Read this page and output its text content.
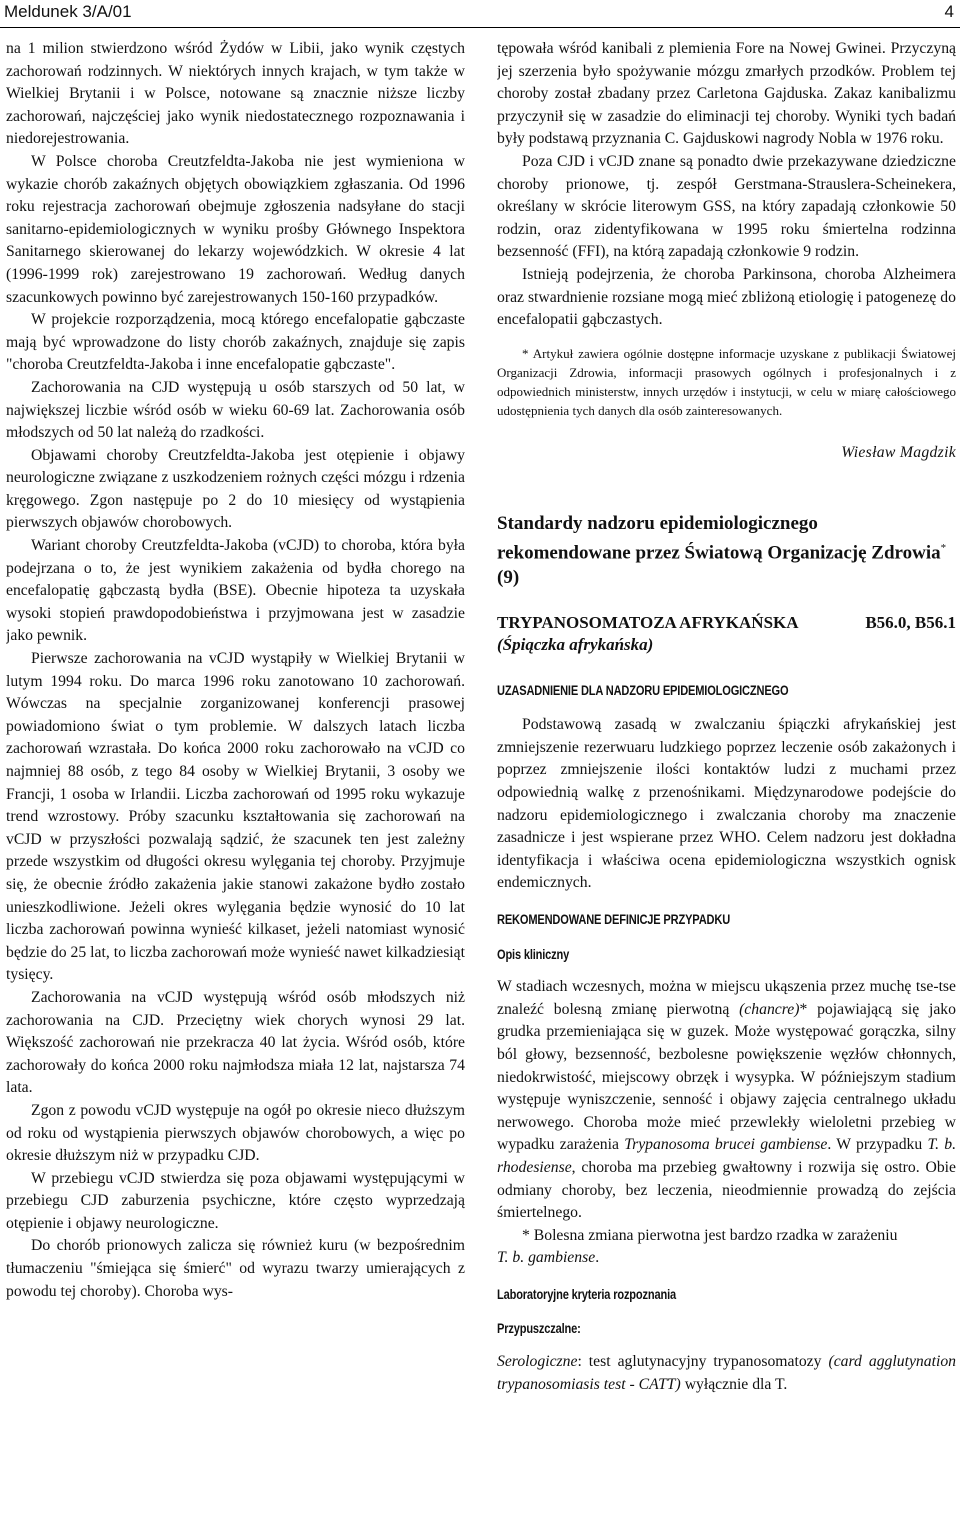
Meldunek 3/A/01	4

na 1 milion stwierdzono wśród Żydów w Libii, jako wynik częstych zachorowań rodzinnych. W niektórych innych krajach, w tym także w Wielkiej Brytanii i w Polsce, notowane są znacznie niższe liczby zachorowań, najczęściej jako wynik niedostatecznego rozpoznawania i niedorejestrowania.

W Polsce choroba Creutzfeldta-Jakoba nie jest wymieniona w wykazie chorób zakaźnych objętych obowiązkiem zgłaszania. Od 1996 roku rejestracja zachorowań obejmuje zgłoszenia nadsyłane do stacji sanitarno-epidemiologicznych w wyniku prośby Głównego Inspektora Sanitarnego skierowanej do lekarzy wojewódzkich. W okresie 4 lat (1996-1999 rok) zarejestrowano 19 zachorowań. Według danych szacunkowych powinno być zarejestrowanych 150-160 przypadków.

W projekcie rozporządzenia, mocą którego encefalopatie gąbczaste mają być wprowadzone do listy chorób zakaźnych, znajduje się zapis "choroba Creutzfeldta-Jakoba i inne encefalopatie gąbczaste".

Zachorowania na CJD występują u osób starszych od 50 lat, w największej liczbie wśród osób w wieku 60-69 lat. Zachorowania osób młodszych od 50 lat należą do rzadkości.

Objawami choroby Creutzfeldta-Jakoba jest otępienie i objawy neurologiczne związane z uszkodzeniem rożnych części mózgu i rdzenia kręgowego. Zgon następuje po 2 do 10 miesięcy od wystąpienia pierwszych objawów chorobowych.

Wariant choroby Creutzfeldta-Jakoba (vCJD) to choroba, która była podejrzana o to, że jest wynikiem zakażenia od bydła chorego na encefalopatię gąbczastą bydła (BSE). Obecnie hipoteza ta uzyskała wysoki stopień prawdopodobieństwa i przyjmowana jest w zasadzie jako pewnik.

Pierwsze zachorowania na vCJD wystąpiły w Wielkiej Brytanii w lutym 1994 roku. Do marca 1996 roku zanotowano 10 zachorowań. Wówczas na specjalnie zorganizowanej konferencji prasowej powiadomiono świat o tym problemie. W dalszych latach liczba zachorowań wzrastała. Do końca 2000 roku zachorowało na vCJD co najmniej 88 osób, z tego 84 osoby w Wielkiej Brytanii, 3 osoby we Francji, 1 osoba w Irlandii. Liczba zachorowań od 1995 roku wykazuje trend wzrostowy. Próby szacunku kształtowania się zachorowań na vCJD w przyszłości pozwalają sądzić, że szacunek ten jest zależny przede wszystkim od długości okresu wylęgania tej choroby. Przyjmuje się, że obecnie źródło zakażenia jakie stanowi zakażone bydło zostało unieszkodliwione. Jeżeli okres wylęgania będzie wynosić do 10 lat liczba zachorowań powinna wynieść kilkaset, jeżeli natomiast wynosić będzie do 25 lat, to liczba zachorowań może wynieść nawet kilkadziesiąt tysięcy.

Zachorowania na vCJD występują wśród osób młodszych niż zachorowania na CJD. Przeciętny wiek chorych wynosi 29 lat. Większość zachorowań nie przekracza 40 lat życia. Wśród osób, które zachorowały do końca 2000 roku najmłodsza miała 12 lat, najstarsza 74 lata.

Zgon z powodu vCJD występuje na ogół po okresie nieco dłuższym od roku od wystąpienia pierwszych objawów chorobowych, a więc po okresie dłuższym niż w przypadku CJD.

W przebiegu vCJD stwierdza się poza objawami występującymi w przebiegu CJD zaburzenia psychiczne, które często wyprzedzają otępienie i objawy neurologiczne.

Do chorób prionowych zalicza się również kuru (w bezpośrednim tłumaczeniu "śmiejąca się śmierć" od wyrazu twarzy umierających z powodu tej choroby). Choroba wys-

tępowała wśród kanibali z plemienia Fore na Nowej Gwinei. Przyczyną jej szerzenia było spożywanie mózgu zmarłych przodków. Problem tej choroby został zbadany przez Carletona Gajduska. Zakaz kanibalizmu przyczynił się w zasadzie do eliminacji tej choroby. Wyniki tych badań były podstawą przyznania C. Gajduskowi nagrody Nobla w 1976 roku.

Poza CJD i vCJD znane są ponadto dwie przekazywane dziedziczne choroby prionowe, tj. zespół Gerstmana-Strauslera-Scheinekera, określany w skrócie literowym GSS, na który zapadają członkowie 50 rodzin, oraz zidentyfikowana w 1995 roku śmiertelna rodzinna bezsenność (FFI), na którą zapadają członkowie 9 rodzin.

Istnieją podejrzenia, że choroba Parkinsona, choroba Alzheimera oraz stwardnienie rozsiane mogą mieć zbliżoną etiologię i patogenezę do encefalopatii gąbczastych.

* Artykuł zawiera ogólnie dostępne informacje uzyskane z publikacji Światowej Organizacji Zdrowia, informacji prasowych ogólnych i profesjonalnych i z odpowiednich ministerstw, innych urzędów i instytucji, w celu w miarę całościowego udostępnienia tych danych dla osób zainteresowanych.

Wiesław Magdzik

Standardy nadzoru epidemiologicznego rekomendowane przez Światową Organizację Zdrowia* (9)
TRYPANOSOMATOZA AFRYKAŃSKA	B56.0, B56.1
(Śpiączka afrykańska)
UZASADNIENIE DLA NADZORU EPIDEMIOLOGICZNEGO

Podstawową zasadą w zwalczaniu śpiączki afrykańskiej jest zmniejszenie rezerwuaru ludzkiego poprzez leczenie osób zakażonych i poprzez zmniejszenie ilości kontaktów ludzi z muchami przez odpowiednią walkę z przenośnikami. Międzynarodowe podejście do nadzoru epidemiologicznego i zwalczania choroby ma znaczenie zasadnicze i jest wspierane przez WHO. Celem nadzoru jest dokładna identyfikacja i właściwa ocena epidemiologiczna wszystkich ognisk endemicznych.

REKOMENDOWANE DEFINICJE PRZYPADKU
Opis kliniczny

W stadiach wczesnych, można w miejscu ukąszenia przez muchę tse-tse znaleźć bolesną zmianę pierwotną (chancre)* pojawiającą się jako grudka przemieniająca się w guzek. Może występować gorączka, silny ból głowy, bezsenność, bezbolesne powiększenie węzłów chłonnych, niedokrwistość, miejscowy obrzęk i wysypka. W późniejszym stadium występuje wyniszczenie, senność i objawy zajęcia centralnego układu nerwowego. Choroba może mieć przewlekły wieloletni przebieg w wypadku zarażenia Trypanosoma brucei gambiense. W przypadku T. b. rhodesiense, choroba ma przebieg gwałtowny i rozwija się ostro. Obie odmiany choroby, bez leczenia, nieodmiennie prowadzą do zejścia śmiertelnego.

* Bolesna zmiana pierwotna jest bardzo rzadka w zarażeniu
T. b. gambiense.

Laboratoryjne kryteria rozpoznania
Przypuszczalne:

Serologiczne: test aglutynacyjny trypanosomatozy (card agglutynation trypanosomiasis test - CATT) wyłącznie dla T.
